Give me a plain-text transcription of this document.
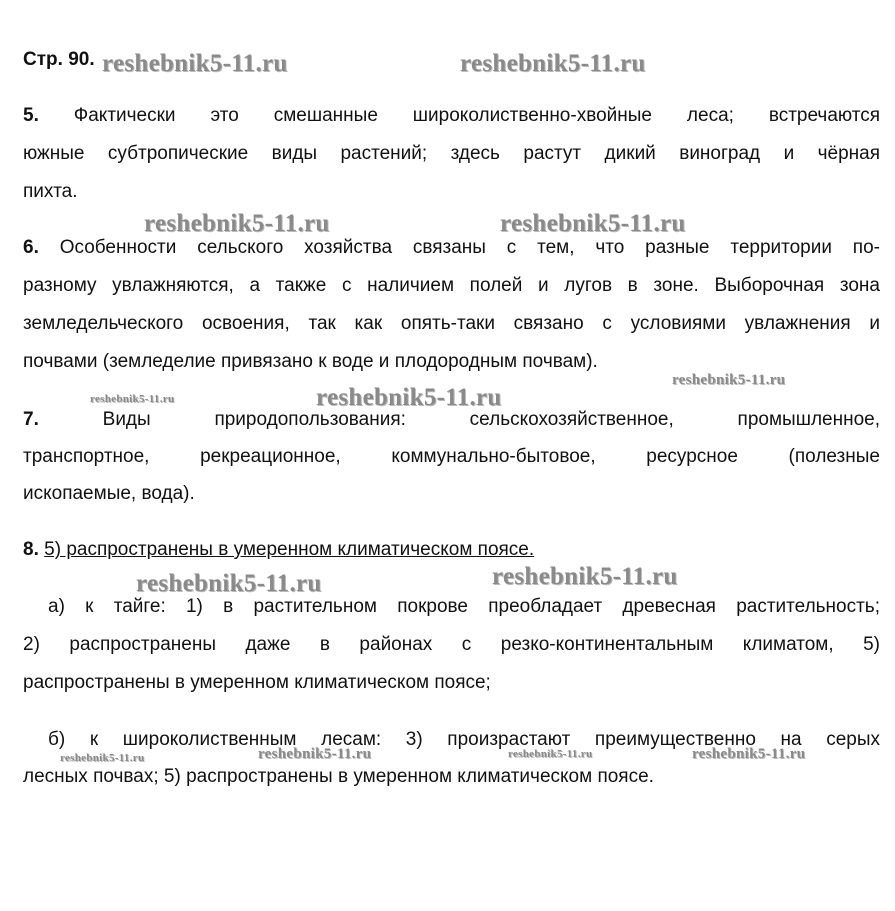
Стр. 90.
5. Фактически это смешанные широколиственно-хвойные леса; встречаются
южные субтропические виды растений; здесь растут дикий виноград и чёрная
пихта.
6. Особенности сельского хозяйства связаны с тем, что разные территории по-
разному увлажняются, а также с наличием полей и лугов в зоне. Выборочная зона
земледельческого освоения, так как опять-таки связано с условиями увлажнения и
почвами (земледелие привязано к воде и плодородным почвам).
7.	Виды природопользования: сельскохозяйственное, промышленное,
транспортное, рекреационное, коммунально-бытовое, ресурсное (полезные
ископаемые, вода).
8. 5) распространены в умеренном климатическом поясе.
а) к тайге: 1) в растительном покрове преобладает древесная растительность;
2) распространены даже в районах с резко-континентальным климатом, 5)
распространены в умеренном климатическом поясе;
б) к широколиственным лесам: 3) произрастают преимущественно на серых
лесных почвах; 5) распространены в умеренном климатическом поясе.
reshebnik5-11.ru	reshebnik5-11.ru
reshebnik5-11.ru	reshebnik5-11.ru
reshebnik5-11.ru
reshebnik5-11.ru	reshebnik5-11.ru
reshebnik5-11.ru	reshebnik5-11.ru
reshebnik5-11.ru	reshebnik5-11.ru	reshebnik5-11.ru	reshebnik5-11.ru
